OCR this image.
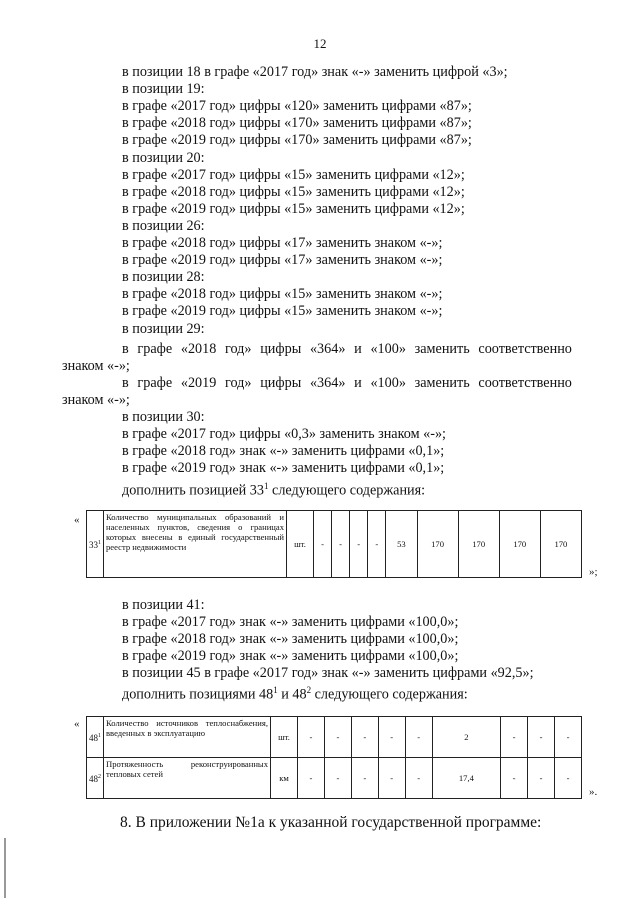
12
в позиции 18 в графе «2017 год» знак «-» заменить цифрой «3»;
в позиции 19:
в графе «2017 год» цифры «120» заменить цифрами «87»;
в графе «2018 год» цифры «170» заменить цифрами «87»;
в графе «2019 год» цифры «170» заменить цифрами «87»;
в позиции 20:
в графе «2017 год» цифры «15» заменить цифрами «12»;
в графе «2018 год» цифры «15» заменить цифрами «12»;
в графе «2019 год» цифры «15» заменить цифрами «12»;
в позиции 26:
в графе «2018 год» цифры «17» заменить знаком «-»;
в графе «2019 год» цифры «17» заменить знаком «-»;
в позиции 28:
в графе «2018 год» цифры «15» заменить знаком «-»;
в графе «2019 год» цифры «15» заменить знаком «-»;
в позиции 29:
в графе «2018 год» цифры «364» и «100» заменить соответственно
знаком «-»;
в графе «2019 год» цифры «364» и «100» заменить соответственно
знаком «-»;
в позиции 30:
в графе «2017 год» цифры «0,3» заменить знаком «-»;
в графе «2018 год» знак «-» заменить цифрами «0,1»;
в графе «2019 год» знак «-» заменить цифрами «0,1»;
дополнить позицией $33^1$ следующего содержания:
«
$33^1$	Количество муниципальных образований и населенных пунктов, сведения о границах которых внесены в единый государственный реестр недвижимости	шт.	-	-	-	-	53	170	170	170	170
»;
в позиции 41:
в графе «2017 год» знак «-» заменить цифрами «100,0»;
в графе «2018 год» знак «-» заменить цифрами «100,0»;
в графе «2019 год» знак «-» заменить цифрами «100,0»;
в позиции 45 в графе «2017 год» знак «-» заменить цифрами «92,5»;
дополнить позициями $48^1$ и $48^2$ следующего содержания:
«
$48^1$	Количество источников теплоснабжения, введенных в эксплуатацию	шт.	-	-	-	-	-	2	-	-	-
$48^2$	Протяженность реконструированных тепловых сетей	км	-	-	-	-	-	17,4	-	-	-
».
8. В приложении №1а к указанной государственной программе:
